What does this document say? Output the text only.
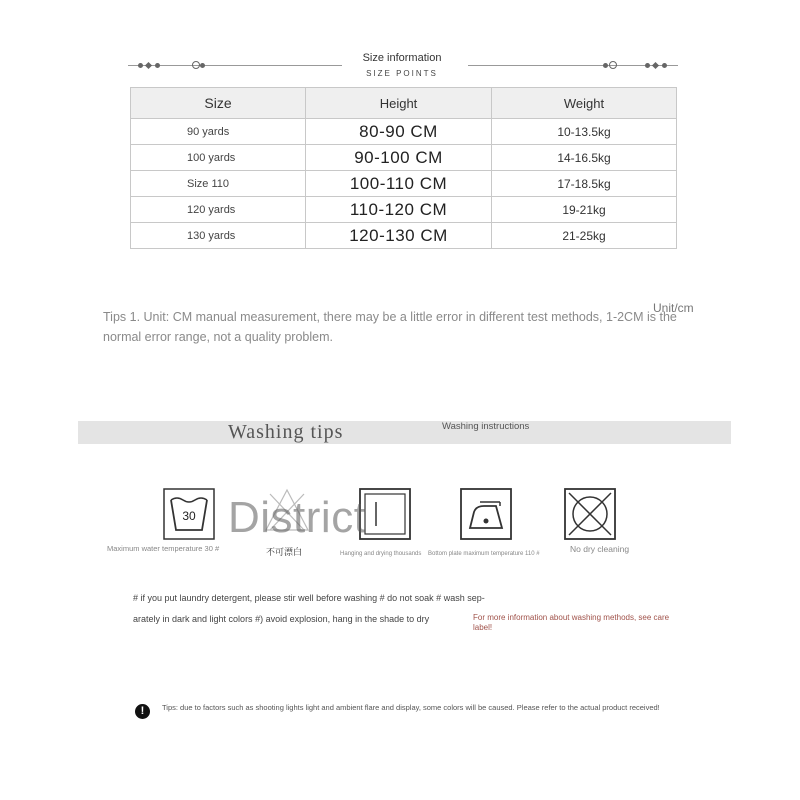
Size information
SIZE POINTS
Size	Height	Weight
90 yards	80-90 CM	10-13.5kg
100 yards	90-100 CM	14-16.5kg
Size 110	100-110 CM	17-18.5kg
120 yards	110-120 CM	19-21kg
130 yards	120-130 CM	21-25kg
Tips 1. Unit: CM manual measurement, there may be a little error in different test methods, 1-2CM is the normal error range, not a quality problem.
Unit/cm
Washing tips	Washing instructions
30
Maximum water temperature 30 #	不可漂白	Hanging and drying thousands Bottom plate maximum temperature 110 #	No dry cleaning
District
# if you put laundry detergent, please stir well before washing # do not soak # wash sep-
arately in dark and light colors #) avoid explosion, hang in the shade to dry	For more information about washing methods, see care label!
!	Tips: due to factors such as shooting lights light and ambient flare and display, some colors will be caused. Please refer to the actual product received!
